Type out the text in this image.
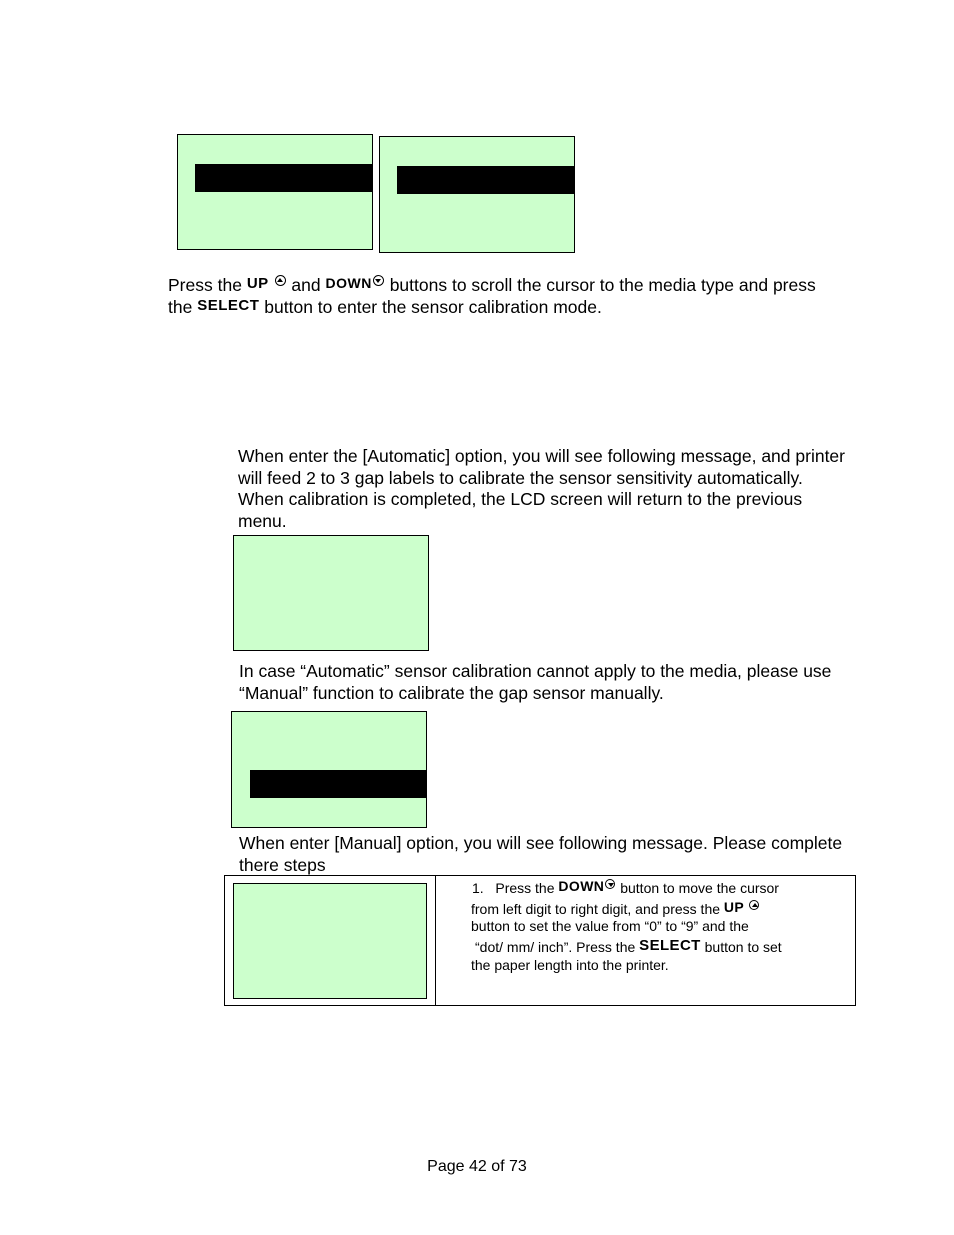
Press the UP and DOWN buttons to scroll the cursor to the media type and press
the SELECT button to enter the sensor calibration mode.
When enter the [Automatic] option, you will see following message, and printer
will feed 2 to 3 gap labels to calibrate the sensor sensitivity automatically.
When calibration is completed, the LCD screen will return to the previous
menu.
In case “Automatic” sensor calibration cannot apply to the media, please use
“Manual” function to calibrate the gap sensor manually.
When enter [Manual] option, you will see following message. Please complete
there steps
1. Press the DOWN button to move the cursor
from left digit to right digit, and press the UP
button to set the value from “0” to “9” and the
“dot/ mm/ inch”. Press the SELECT button to set
the paper length into the printer.
Page 42 of 73
